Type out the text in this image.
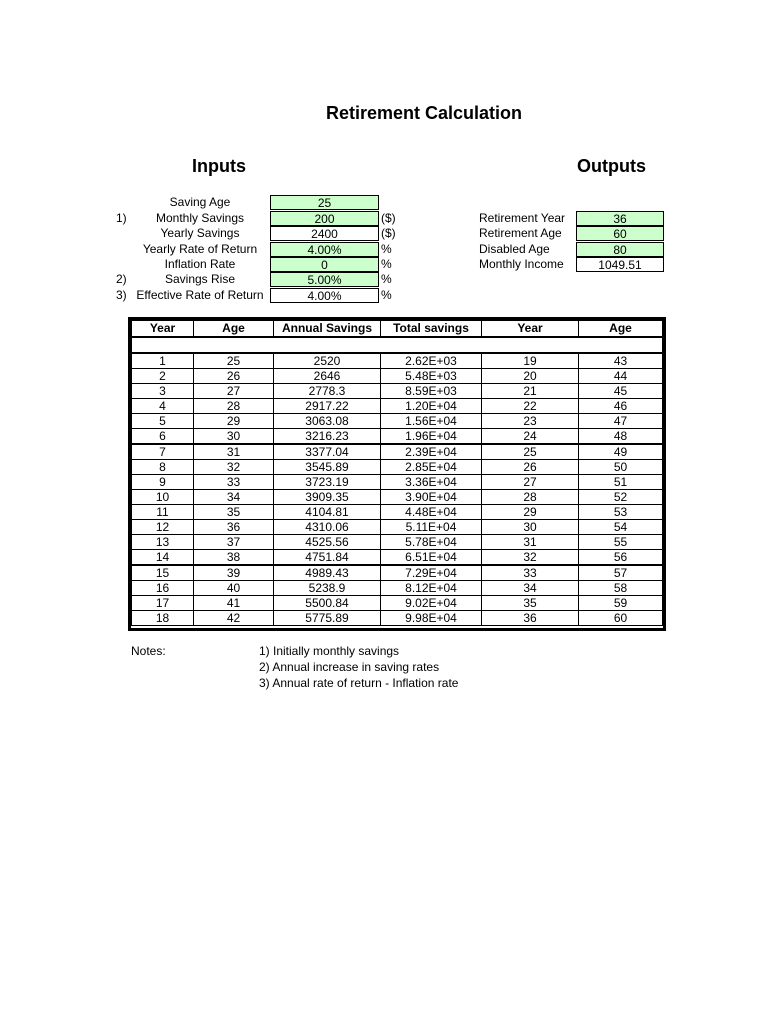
Retirement Calculation
Inputs	Outputs
Saving Age	25
1)	Monthly Savings	200	($)
Yearly Savings	2400	($)
Yearly Rate of Return	4.00%	%
Inflation Rate	0	%
2)	Savings Rise	5.00%	%
3) Effective Rate of Return	4.00%	%
Retirement Year	36
Retirement Age	60
Disabled Age	80
Monthly Income	1049.51
Year	Age	Annual Savings	Total savings	Year	Age

1	25	2520	2.62E+03	19	43
2	26	2646	5.48E+03	20	44
3	27	2778.3	8.59E+03	21	45
4	28	2917.22	1.20E+04	22	46
5	29	3063.08	1.56E+04	23	47
6	30	3216.23	1.96E+04	24	48
7	31	3377.04	2.39E+04	25	49
8	32	3545.89	2.85E+04	26	50
9	33	3723.19	3.36E+04	27	51
10	34	3909.35	3.90E+04	28	52
11	35	4104.81	4.48E+04	29	53
12	36	4310.06	5.11E+04	30	54
13	37	4525.56	5.78E+04	31	55
14	38	4751.84	6.51E+04	32	56
15	39	4989.43	7.29E+04	33	57
16	40	5238.9	8.12E+04	34	58
17	41	5500.84	9.02E+04	35	59
18	42	5775.89	9.98E+04	36	60
Notes:	1) Initially monthly savings
2) Annual increase in saving rates
3) Annual rate of return - Inflation rate
